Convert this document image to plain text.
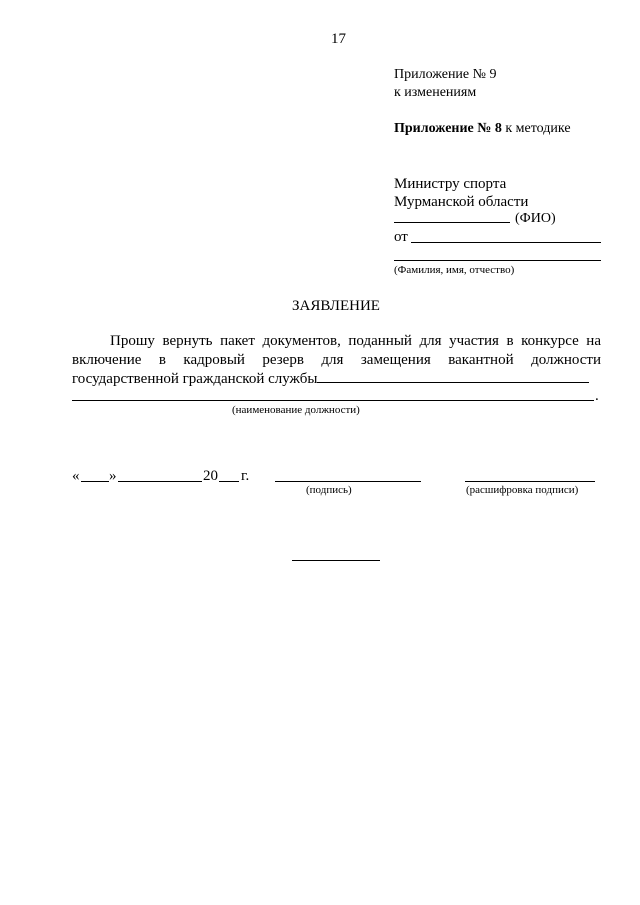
17
Приложение № 9
к изменениям
Приложение № 8 к методике
Министру спорта
Мурманской области
(ФИО)
от
(Фамилия, имя, отчество)
ЗАЯВЛЕНИЕ
Прошу вернуть пакет документов, поданный для участия в конкурсе на
включение в кадровый резерв для замещения вакантной должности
государственной гражданской службы
.
(наименование должности)
« »	20 г.
(подпись)	(расшифровка подписи)
